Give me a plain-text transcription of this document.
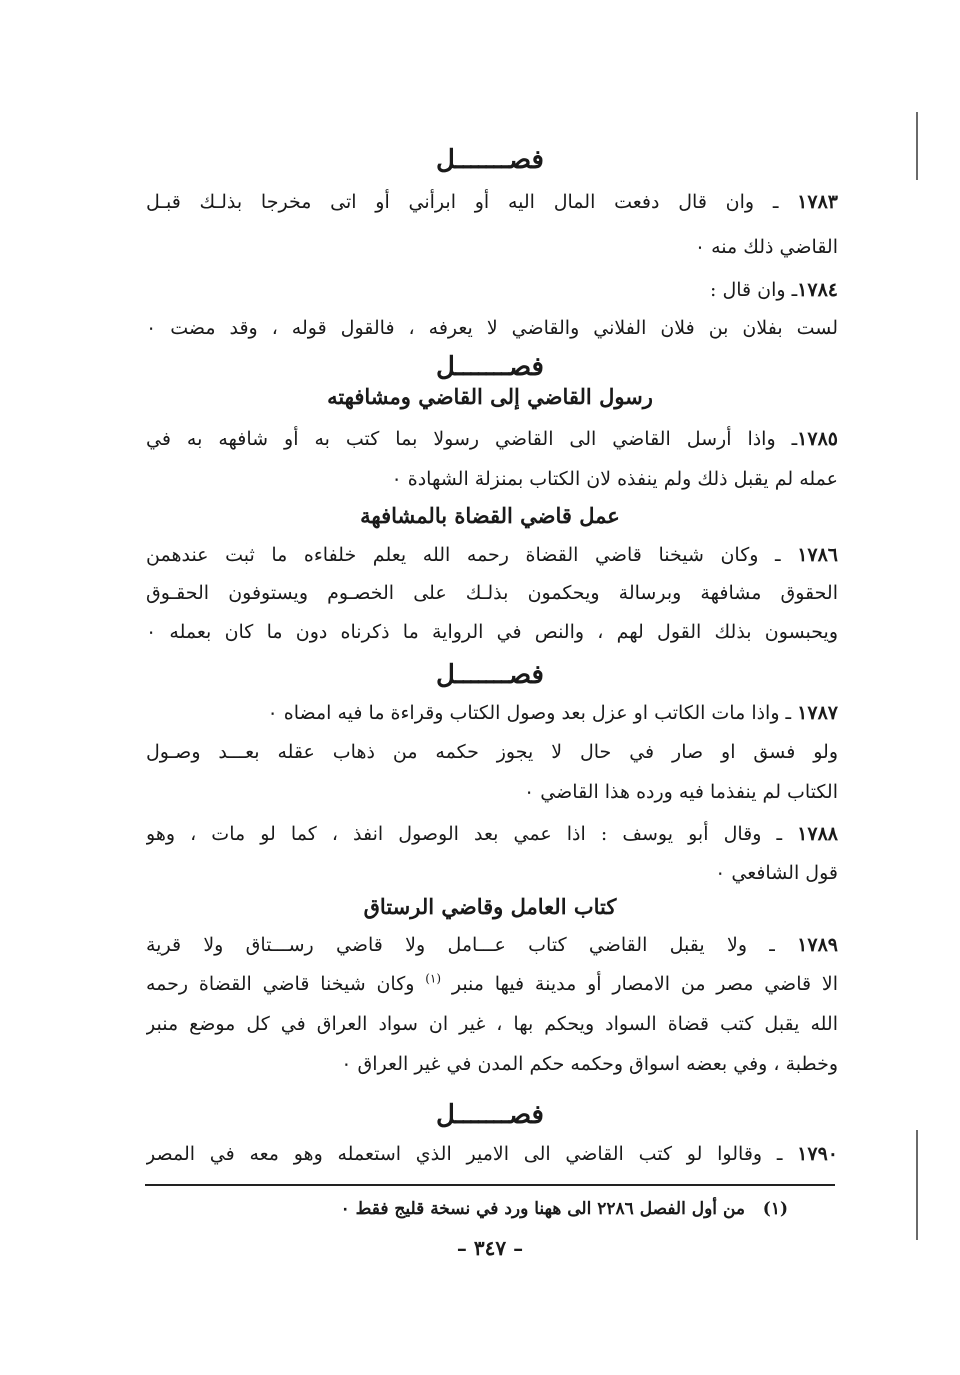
فصـــــــل

١٧٨٣ ـ وان قال دفعت المال اليه أو ابرأني أو اتى مخرجا بذلـك قبـل

القاضي ذلك منه ٠

١٧٨٤ـ وان قال :

لست بفلان بن فلان الفلاني والقاضي لا يعرفه ، فالقول قوله ، وقد مضت ٠

فصـــــــل
رسول القاضي إلى القاضي ومشافهته

١٧٨٥ـ واذا أرسل القاضي الى القاضي رسولا بما كتب به أو شافهه به في

عمله لم يقبل ذلك ولم ينفذه لان الكتاب بمنزلة الشهادة ٠

عمل قاضي القضاة بالمشافهة

١٧٨٦ ـ وكان شيخنا قاضي القضاة رحمه الله يعلم خلفاءه ما ثبت عندهمن

الحقوق مشافهة وبرسالة ويحكمون بذلـك على الخصـوم ويستوفون الحقـوق

ويحبسون بذلك القول لهم ، والنص في الرواية ما ذكرناه دون ما كان بعمله ٠

فصـــــــل

١٧٨٧ ـ واذا مات الكاتب او عزل بعد وصول الكتاب وقراءة ما فيه امضاه ٠

ولو فسق او صار في حال لا يجوز حكمه من ذهاب عقله بعـــد وصـول

الكتاب لم ينفذما فيه ورده هذا القاضي ٠

١٧٨٨ ـ وقال أبو يوسف : اذا عمي بعد الوصول انفذ ، كما لو مات ، وهو

قول الشافعي ٠

كتاب العامل وقاضي الرستاق

١٧٨٩ ـ ولا يقبل القاضي كتاب عـــامل ولا قاضي رســـتاق ولا قرية

الا قاضي مصر من الامصار أو مدينة فيها منبر $^{(١)}$ وكان شيخنا قاضي القضاة رحمه

الله يقبل كتب قضاة السواد ويحكم بها ، غير ان سواد العراق في كل موضع منبر

وخطبة ، وفي بعضه اسواق وحكمه حكم المدن في غير العراق ٠

فصـــــــل

١٧٩٠ ـ وقالوا لو كتب القاضي الى الامير الذي استعمله وهو معه في المصر

(١)   من أول الفصل ٢٢٨٦ الى ههنا ورد في نسخة قليج فقط ٠

– ٣٤٧ –
